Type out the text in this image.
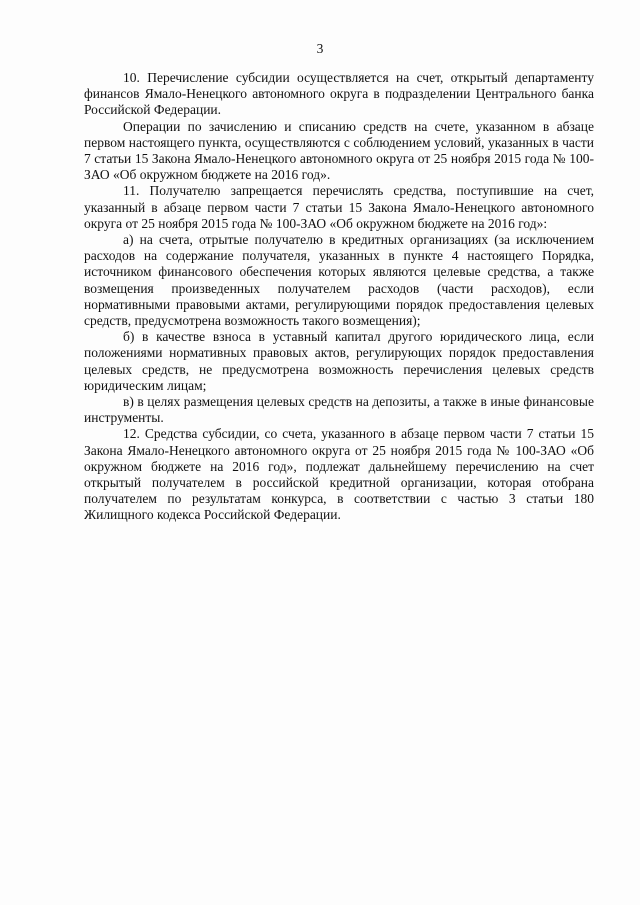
3

10. Перечисление субсидии осуществляется на счет, открытый департаменту финансов Ямало-Ненецкого автономного округа в подразделении Центрального банка Российской Федерации.

Операции по зачислению и списанию средств на счете, указанном в абзаце первом настоящего пункта, осуществляются с соблюдением условий, указанных в части 7 статьи 15 Закона Ямало-Ненецкого автономного округа от 25 ноября 2015 года № 100-ЗАО «Об окружном бюджете на 2016 год».

11. Получателю запрещается перечислять средства, поступившие на счет, указанный в абзаце первом части 7 статьи 15 Закона Ямало-Ненецкого автономного округа от 25 ноября 2015 года № 100-ЗАО «Об окружном бюджете на 2016 год»:

а) на счета, отрытые получателю в кредитных организациях (за исключением расходов на содержание получателя, указанных в пункте 4 настоящего Порядка, источником финансового обеспечения которых являются целевые средства, а также возмещения произведенных получателем расходов (части расходов), если нормативными правовыми актами, регулирующими порядок предоставления целевых средств, предусмотрена возможность такого возмещения);

б) в качестве взноса в уставный капитал другого юридического лица, если положениями нормативных правовых актов, регулирующих порядок предоставления целевых средств, не предусмотрена возможность перечисления целевых средств юридическим лицам;

в) в целях размещения целевых средств на депозиты, а также в иные финансовые инструменты.

12. Средства субсидии, со счета, указанного в абзаце первом части 7 статьи 15 Закона Ямало-Ненецкого автономного округа от 25 ноября 2015 года № 100-ЗАО «Об окружном бюджете на 2016 год», подлежат дальнейшему перечислению на счет открытый получателем в российской кредитной организации, которая отобрана получателем по результатам конкурса, в соответствии с частью 3 статьи 180 Жилищного кодекса Российской Федерации.
